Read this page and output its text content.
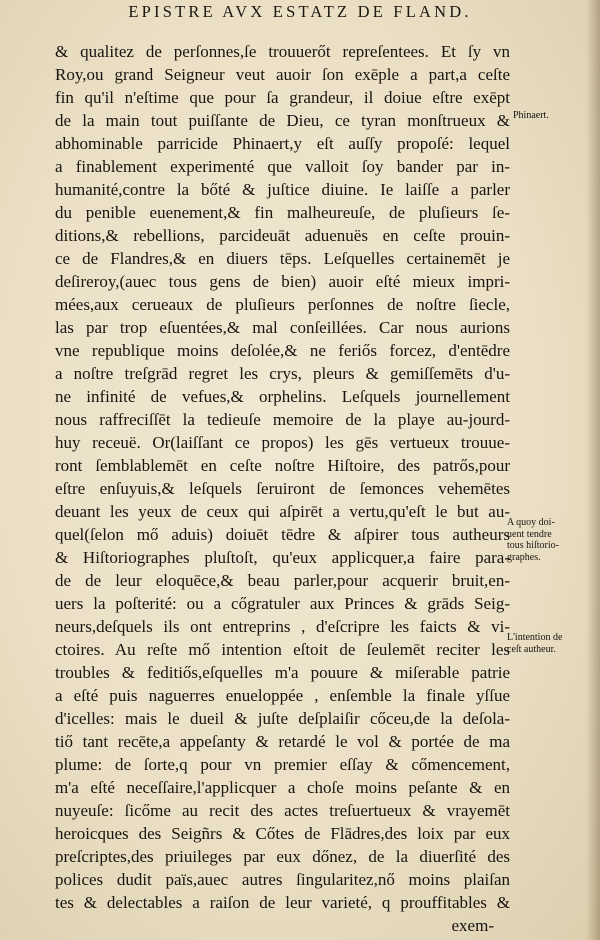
EPISTRE AVX ESTATZ DE FLAND.
& qualitez de perſonnes,ſe trouuerőt repreſentees. Et ſy vn
Roy,ou grand Seigneur veut auoir ſon exēple a part,a ceſte
fin qu'il n'eſtime que pour ſa grandeur, il doiue eſtre exēpt
de la main tout puiſſante de Dieu, ce tyran monſtrueux &
abhominable parricide Phinaert,y eſt auſſy propoſé: lequel
a finablement experimenté que valloit ſoy bander par in-
humanité,contre la bőté & juſtice diuine. Ie laiſſe a parler
du penible euenement,& fin malheureuſe, de pluſieurs ſe-
ditions,& rebellions, parcideuāt aduenuës en ceſte prouin-
ce de Flandres,& en diuers tēps. Leſquelles certainemēt je
deſireroy,(auec tous gens de bien) auoir eſté mieux impri-
mées,aux cerueaux de pluſieurs perſonnes de noſtre ſiecle,
las par trop eſuentées,& mal conſeillées. Car nous aurions
vne republique moins deſolée,& ne feriős forcez, d'entēdre
a noſtre treſgrād regret les crys, pleurs & gemiſſemēts d'u-
ne infinité de vefues,& orphelins. Leſquels journellement
nous raffreciſſēt la tedieuſe memoire de la playe au-jourd-
huy receuë. Or(laiſſant ce propos) les gēs vertueux trouue-
ront ſemblablemēt en ceſte noſtre Hiſtoire, des patrős,pour
eſtre enſuyuis,& leſquels ſeruiront de ſemonces vehemētes
deuant les yeux de ceux qui aſpirēt a vertu,qu'eſt le but au-
quel(ſelon mő aduis) doiuēt tēdre & aſpirer tous autheurs
& Hiſtoriographes pluſtoſt, qu'eux applicquer,a faire para-
de de leur eloquēce,& beau parler,pour acquerir bruit,en-
uers la poſterité: ou a cőgratuler aux Princes & grāds Seig-
neurs,deſquels ils ont entreprins , d'eſcripre les faicts & vi-
ctoires. Au reſte mő intention eſtoit de ſeulemēt reciter les
troubles & feditiős,eſquelles m'a pouure & miſerable patrie
a eſté puis naguerres enueloppée , enſemble la finale yſſue
d'icelles: mais le dueil & juſte deſplaiſir cőceu,de la deſola-
tiő tant recēte,a appeſanty & retardé le vol & portée de ma
plume: de ſorte,q pour vn premier eſſay & cőmencement,
m'a eſté neceſſaire,l'applicquer a choſe moins peſante & en
nuyeuſe: ſicőme au recit des actes treſuertueux & vrayemēt
heroicques des Seigñrs & Cőtes de Flādres,des loix par eux
preſcriptes,des priuileges par eux dőnez, de la diuerſité des
polices dudit païs,auec autres ſingularitez,nő moins plaiſan
tes & delectables a raiſon de leur varieté, q prouffitables &
exem-
Phinaert.
A quoy doi-
uent tendre
tous hiſtorio-
graphes.
L'intention de
ceſt autheur.
